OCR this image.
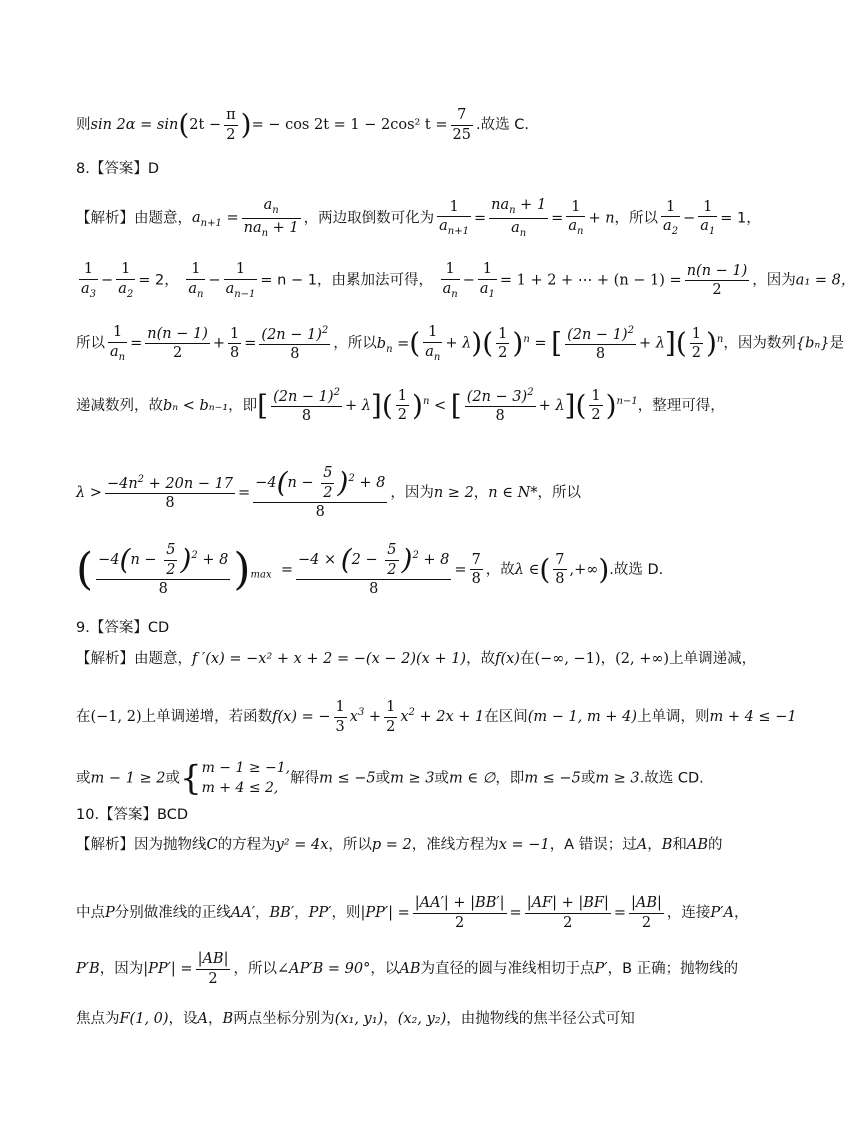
则$\sin 2\alpha = \sin(2t - \frac{\pi}{2}$ )= − cos 2t = 1 − 2cos² $t = \frac{7}{25}$ .故选 C.
8.【答案】D
【解析】由题意，$a_{n+1} = \frac{a_n}{na_n + 1}$ ，两边取倒数可化为 $\frac{1}{a_{n+1}} = \frac{na_n + 1}{a_n} = \frac{1}{a_n} + n$，所以 $\frac{1}{a_2} - \frac{1}{a_1} = 1$，
$\frac{1}{a_3} - \frac{1}{a_2} = 2$， $\frac{1}{a_n} - \frac{1}{a_{n-1}} = n - 1$，由累加法可得， $\frac{1}{a_n} - \frac{1}{a_1} = 1 + 2$ + ⋯ + $(n - 1) = \frac{n(n - 1)}{2}$ ，因为a₁ = 8，
所以 $\frac{1}{a_n} = \frac{n(n - 1)}{2} + \frac{1}{8} = \frac{(2n - 1)^2}{8}$ ，所以$b_n$ =( $\frac{1}{a_n} + \lambda)( \frac{1}{2} )^n$ = [ $\frac{(2n - 1)^2}{8} + \lambda]( \frac{1}{2} )^n$，因为数列{bₙ}是
递减数列，故bₙ < bₙ₋₁，即[ $\frac{(2n - 1)^2}{8} + \lambda]( \frac{1}{2} )^n$ < [ $\frac{(2n - 3)^2}{8} + \lambda]( \frac{1}{2} )^{n-1}$，整理可得，
$\lambda > \frac{-4n^2 + 20n - 17}{8} = \frac{-4(n - \frac{5}{2} )^2 + 8}{8}$ ，因为n ≥ 2，n ∈ N*，所以
( $\frac{-4(n - \frac{5}{2} )^2 + 8}{8} )_{max} = \frac{-4 \times (2 - \frac{5}{2} )^2 + 8}{8} = \frac{7}{8}$ ，故λ ∈( $\frac{7}{8}$ ,+∞).故选 D.
9.【答案】CD
【解析】由题意，f ′(x) = −x² + x + 2 = −(x − 2)(x + 1)，故f(x)在(−∞, −1)，(2, +∞)上单调递减，
在(−1, 2)上单调递增，若函数f(x) = − $\frac{1}{3} x^3 + \frac{1}{2} x^2 + 2x + 1$在区间(m − 1, m + 4)上单调，则m + 4 ≤ −1
或m − 1 ≥ 2或{m − 1 ≥ −1,
m + 4 ≤ 2,解得m ≤ −5或m ≥ 3或m ∈ ∅，即m ≤ −5或m ≥ 3.故选 CD.
10.【答案】BCD
【解析】因为抛物线C的方程为y² = 4x，所以p = 2，准线方程为x = −1，A 错误；过A，B和AB的
中点P分别做准线的正线AA′，BB′，PP′，则$|PP'| = \frac{|AA'| + |BB'|}{2} = \frac{|AF| + |BF|}{2} = \frac{|AB|}{2}$ ，连接P′A，
P′B，因为$|PP'| = \frac{|AB|}{2}$ ，所以∠AP′B = 90°，以AB为直径的圆与准线相切于点P′，B 正确；抛物线的
焦点为F(1, 0)，设A，B两点坐标分别为(x₁, y₁)，(x₂, y₂)，由抛物线的焦半径公式可知
